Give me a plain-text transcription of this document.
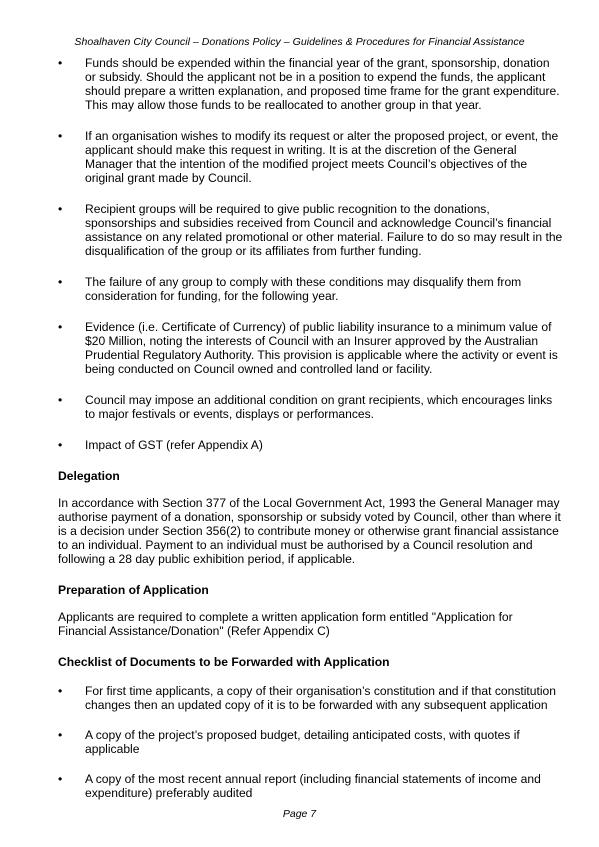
Shoalhaven City Council – Donations Policy – Guidelines & Procedures for Financial Assistance
• Funds should be expended within the financial year of the grant, sponsorship, donation or subsidy. Should the applicant not be in a position to expend the funds, the applicant should prepare a written explanation, and proposed time frame for the grant expenditure. This may allow those funds to be reallocated to another group in that year.
• If an organisation wishes to modify its request or alter the proposed project, or event, the applicant should make this request in writing. It is at the discretion of the General Manager that the intention of the modified project meets Council’s objectives of the original grant made by Council.
• Recipient groups will be required to give public recognition to the donations, sponsorships and subsidies received from Council and acknowledge Council’s financial assistance on any related promotional or other material. Failure to do so may result in the disqualification of the group or its affiliates from further funding.
• The failure of any group to comply with these conditions may disqualify them from consideration for funding, for the following year.
• Evidence (i.e. Certificate of Currency) of public liability insurance to a minimum value of $20 Million, noting the interests of Council with an Insurer approved by the Australian Prudential Regulatory Authority. This provision is applicable where the activity or event is being conducted on Council owned and controlled land or facility.
• Council may impose an additional condition on grant recipients, which encourages links to major festivals or events, displays or performances.
• Impact of GST (refer Appendix A)
Delegation
In accordance with Section 377 of the Local Government Act, 1993 the General Manager may authorise payment of a donation, sponsorship or subsidy voted by Council, other than where it is a decision under Section 356(2) to contribute money or otherwise grant financial assistance to an individual. Payment to an individual must be authorised by a Council resolution and following a 28 day public exhibition period, if applicable.
Preparation of Application
Applicants are required to complete a written application form entitled "Application for Financial Assistance/Donation" (Refer Appendix C)
Checklist of Documents to be Forwarded with Application
• For first time applicants, a copy of their organisation’s constitution and if that constitution changes then an updated copy of it is to be forwarded with any subsequent application
• A copy of the project’s proposed budget, detailing anticipated costs, with quotes if applicable
• A copy of the most recent annual report (including financial statements of income and expenditure) preferably audited
Page 7
